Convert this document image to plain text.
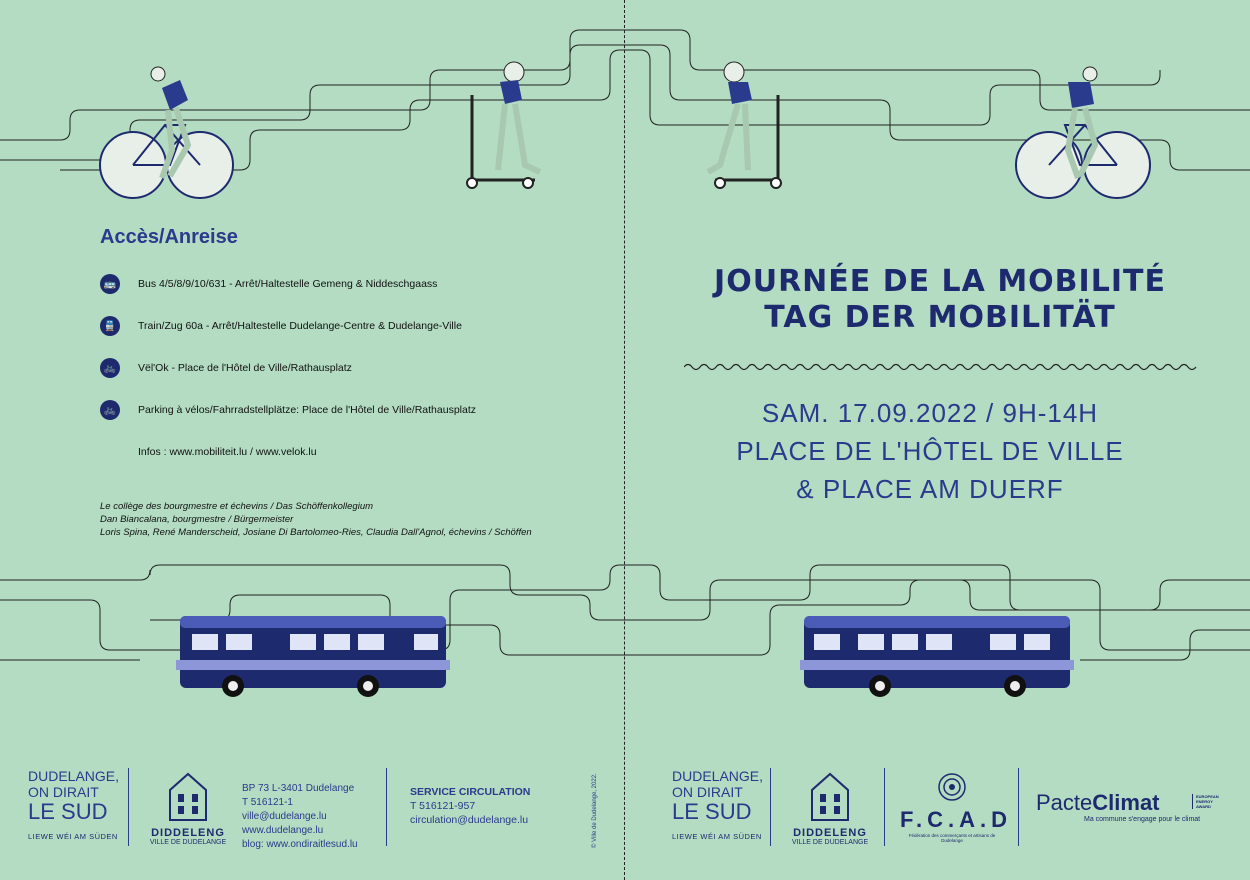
Accès/Anreise
🚌	Bus 4/5/8/9/10/631 - Arrêt/Haltestelle Gemeng & Niddeschgaass
🚆	Train/Zug 60a - Arrêt/Haltestelle Dudelange-Centre & Dudelange-Ville
🚲	Vël'Ok - Place de l'Hôtel de Ville/Rathausplatz
🚲	Parking à vélos/Fahrradstellplätze: Place de l'Hôtel de Ville/Rathausplatz
Infos : www.mobiliteit.lu / www.velok.lu
Le collège des bourgmestre et échevins / Das Schöffenkollegium
Dan Biancalana, bourgmestre / Bürgermeister
Loris Spina, René Manderscheid, Josiane Di Bartolomeo-Ries, Claudia Dall'Agnol, échevins / Schöffen
JOURNÉE DE LA MOBILITÉ
TAG DER MOBILITÄT
SAM. 17.09.2022 / 9H-14H
PLACE DE L'HÔTEL DE VILLE
& PLACE AM DUERF
DUDELANGE,
ON DIRAIT
LE SUD
LIEWE WÉI AM SÜDEN	DIDDELENG
VILLE DE DUDELANGE
BP 73 L-3401 Dudelange
T 516121-1
ville@dudelange.lu
www.dudelange.lu
blog: www.ondiraitlesud.lu
SERVICE CIRCULATION
T 516121-957
circulation@dudelange.lu	© Ville de Dudelange, 2022.	DUDELANGE,
ON DIRAIT
LE SUD
LIEWE WÉI AM SÜDEN	DIDDELENG
VILLE DE DUDELANGE
F.C.A.D
Fédération des commerçants et artisans de Dudelange
PacteClimat
Ma commune s'engage pour le climat
EUROPEAN ENERGY AWARD
